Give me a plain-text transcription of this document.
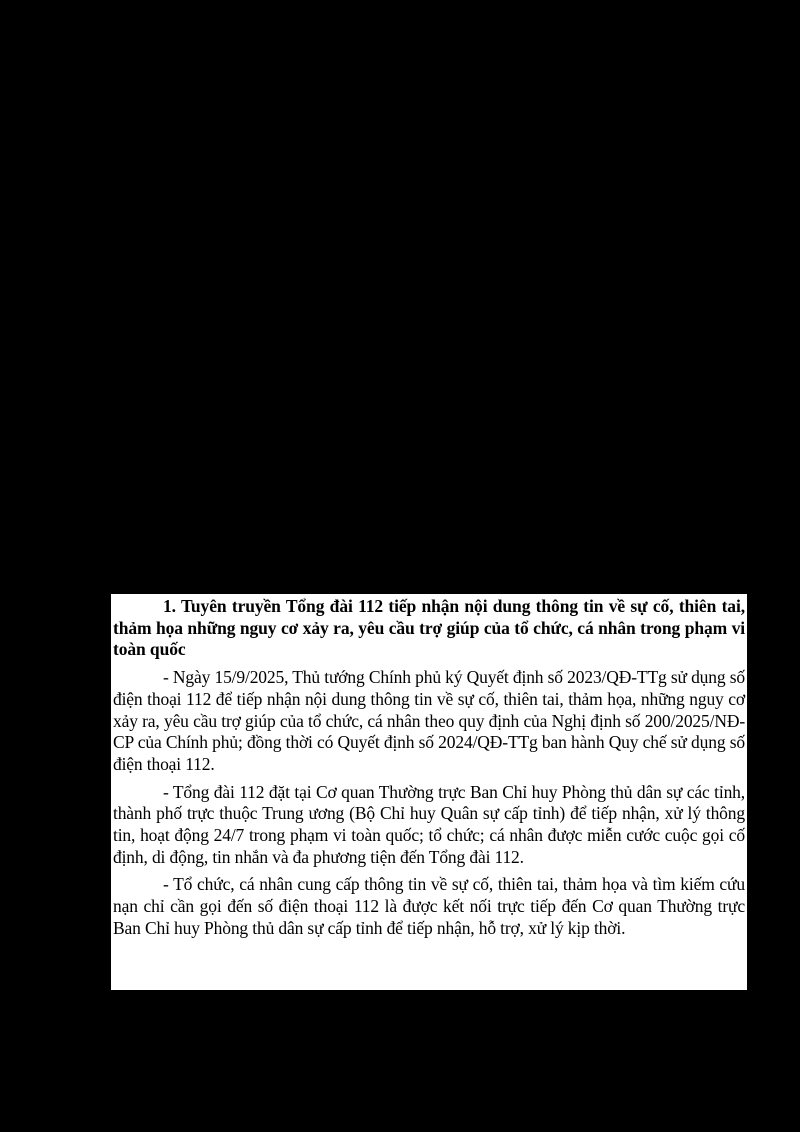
1. Tuyên truyền Tổng đài 112 tiếp nhận nội dung thông tin về sự cố, thiên tai, thảm họa những nguy cơ xảy ra, yêu cầu trợ giúp của tổ chức, cá nhân trong phạm vi toàn quốc

- Ngày 15/9/2025, Thủ tướng Chính phủ ký Quyết định số 2023/QĐ-TTg sử dụng số điện thoại 112 để tiếp nhận nội dung thông tin về sự cố, thiên tai, thảm họa, những nguy cơ xảy ra, yêu cầu trợ giúp của tổ chức, cá nhân theo quy định của Nghị định số 200/2025/NĐ-CP của Chính phủ; đồng thời có Quyết định số 2024/QĐ-TTg ban hành Quy chế sử dụng số điện thoại 112.

- Tổng đài 112 đặt tại Cơ quan Thường trực Ban Chỉ huy Phòng thủ dân sự các tỉnh, thành phố trực thuộc Trung ương (Bộ Chỉ huy Quân sự cấp tỉnh) để tiếp nhận, xử lý thông tin, hoạt động 24/7 trong phạm vi toàn quốc; tổ chức; cá nhân được miễn cước cuộc gọi cố định, di động, tin nhắn và đa phương tiện đến Tổng đài 112.

- Tổ chức, cá nhân cung cấp thông tin về sự cố, thiên tai, thảm họa và tìm kiếm cứu nạn chỉ cần gọi đến số điện thoại 112 là được kết nối trực tiếp đến Cơ quan Thường trực Ban Chỉ huy Phòng thủ dân sự cấp tỉnh để tiếp nhận, hỗ trợ, xử lý kịp thời.
